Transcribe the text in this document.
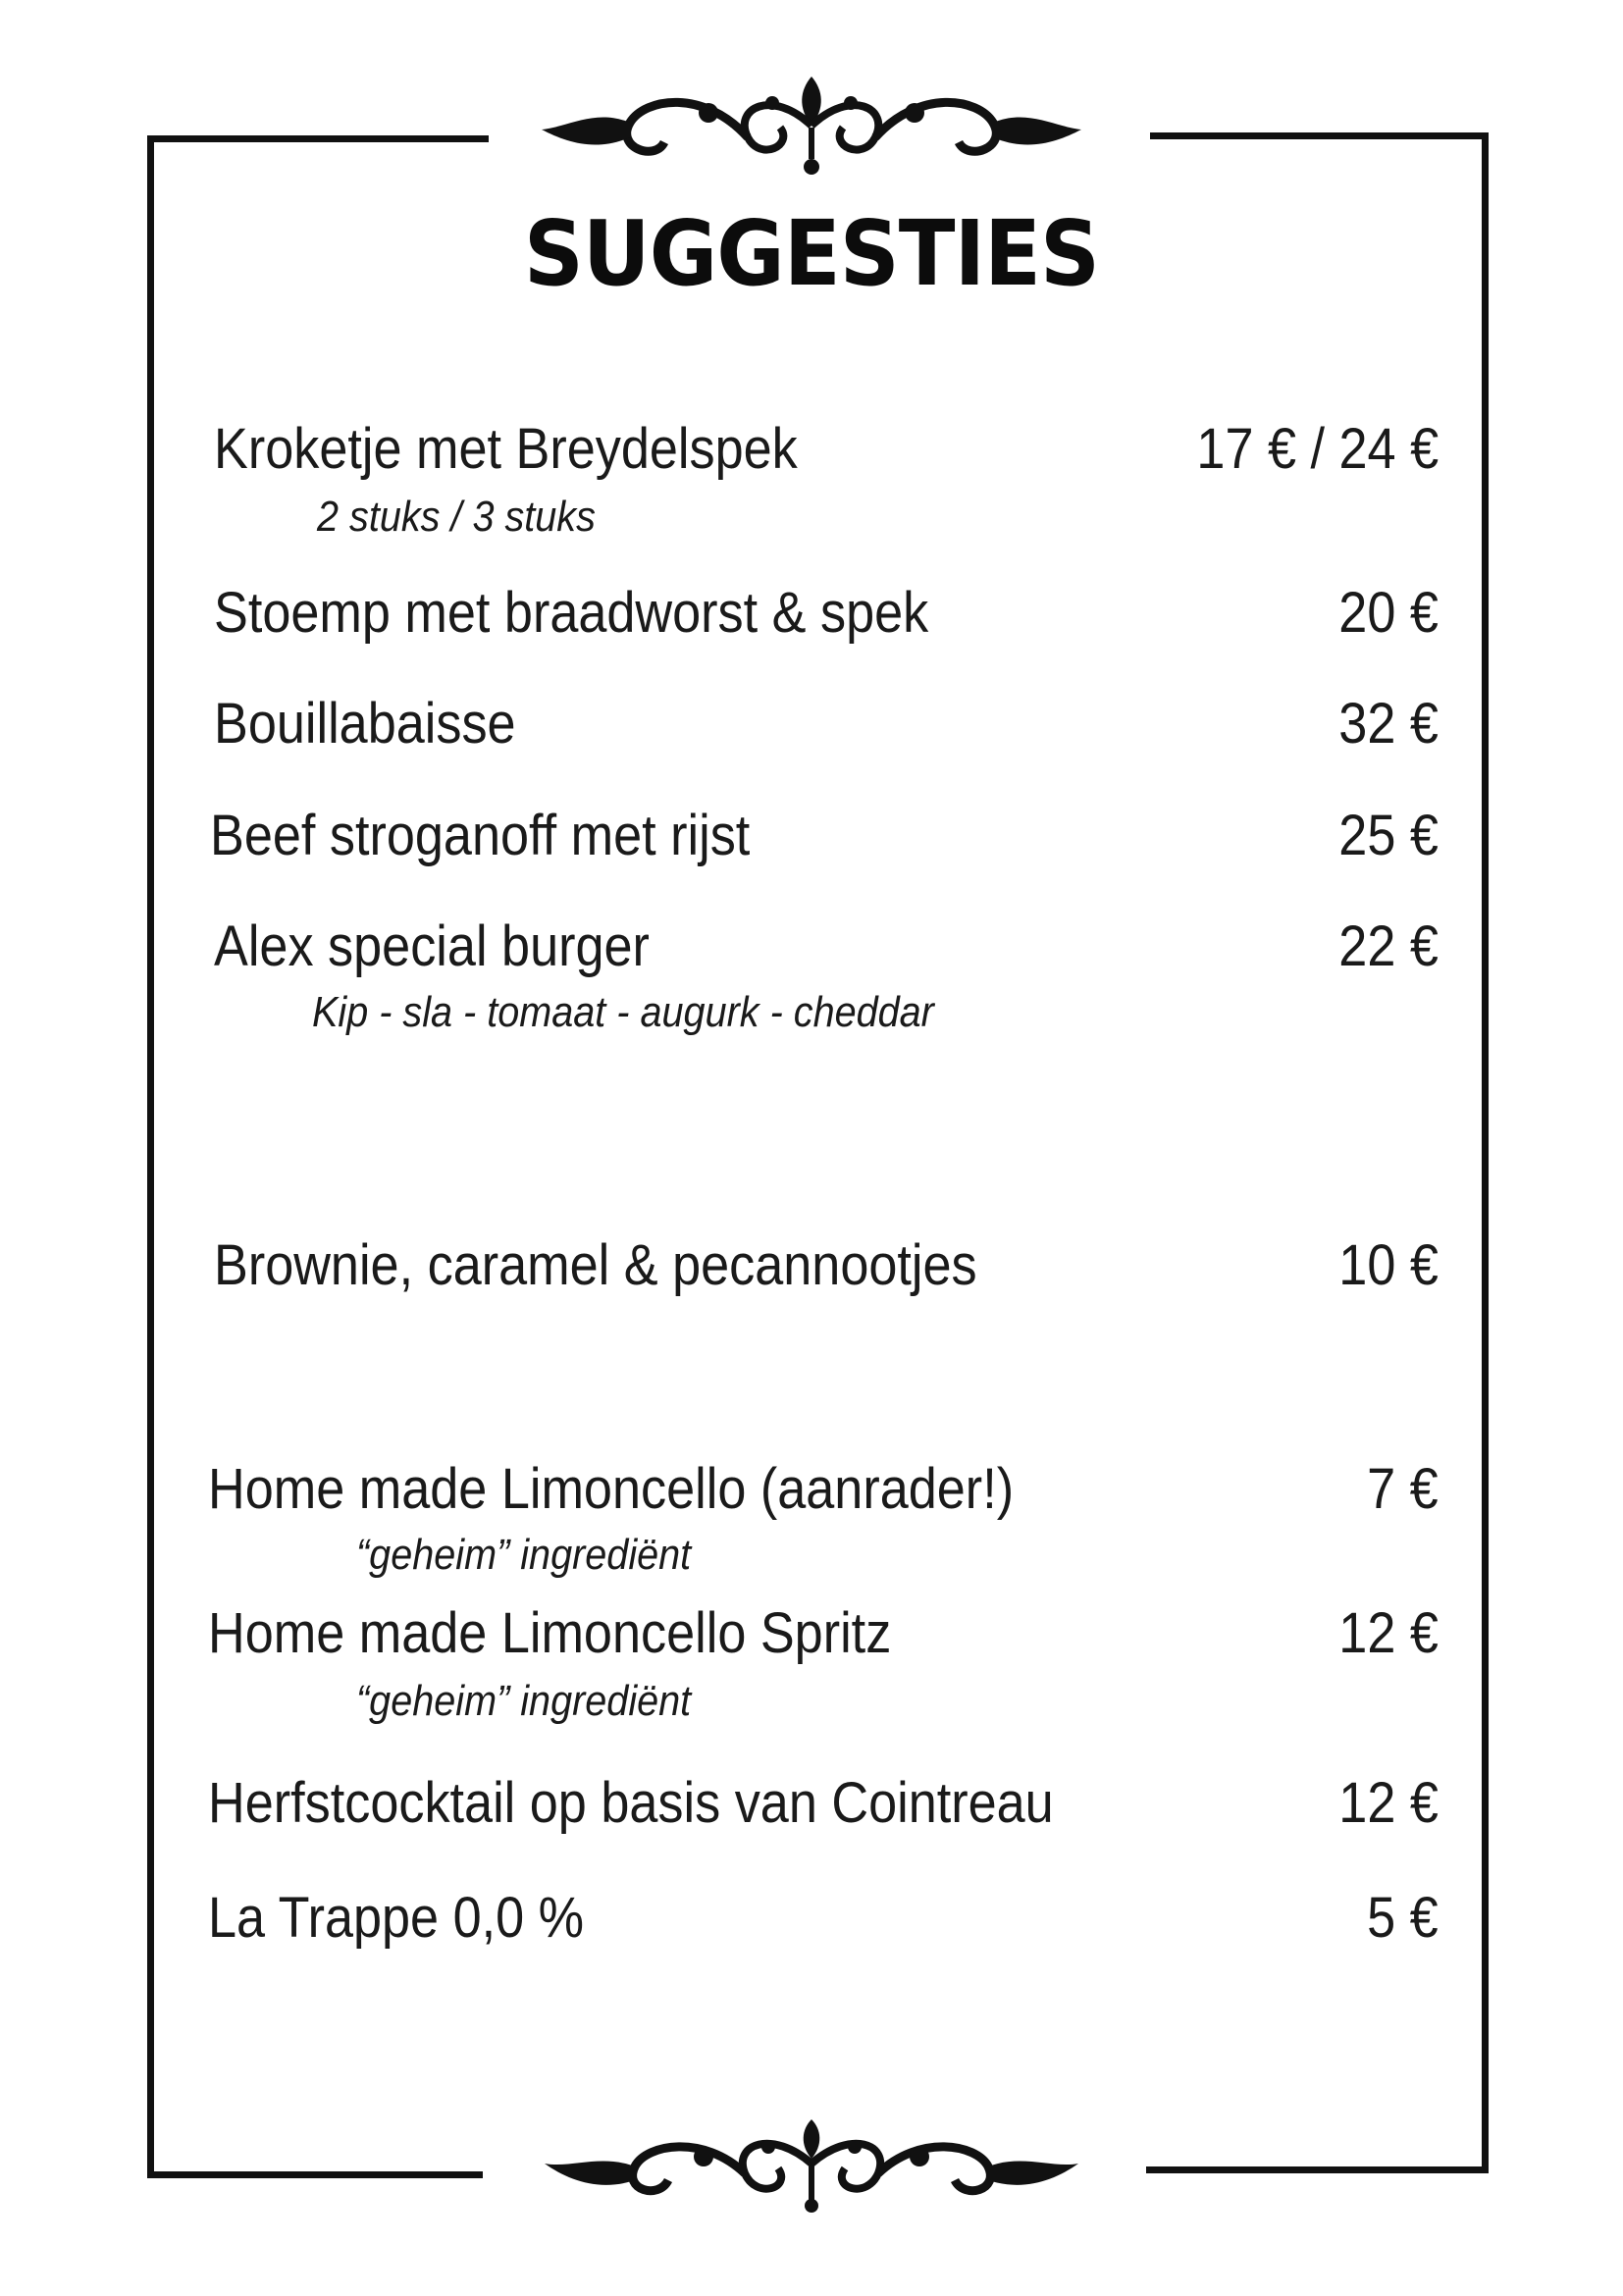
SUGGESTIES
Kroketje met Breydelspek	17 € / 24 €
2 stuks / 3 stuks
Stoemp met braadworst & spek	20 €
Bouillabaisse	32 €
Beef stroganoff met rijst	25 €
Alex special burger	22 €
Kip - sla - tomaat - augurk - cheddar
Brownie, caramel & pecannootjes	10 €
Home made Limoncello (aanrader!)	7 €
“geheim” ingrediënt
Home made Limoncello Spritz	12 €
“geheim” ingrediënt
Herfstcocktail op basis van Cointreau	12 €
La Trappe 0,0 %	5 €
